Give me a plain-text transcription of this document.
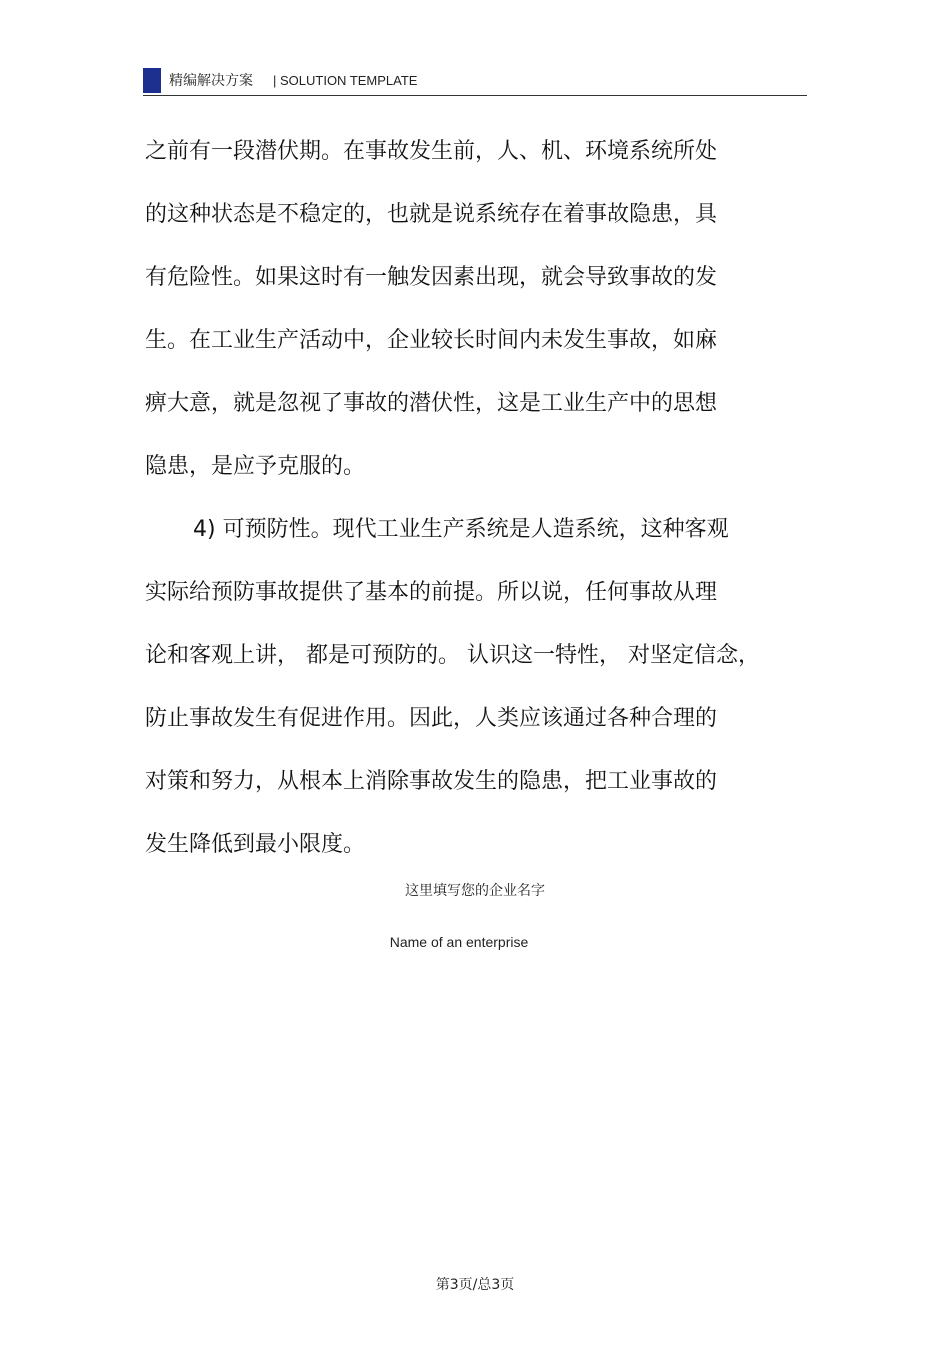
精编解决方案 | SOLUTION TEMPLATE
之前有一段潜伏期。在事故发生前，人、机、环境系统所处
的这种状态是不稳定的，也就是说系统存在着事故隐患，具
有危险性。如果这时有一触发因素出现，就会导致事故的发
生。在工业生产活动中，企业较长时间内未发生事故，如麻
痹大意，就是忽视了事故的潜伏性，这是工业生产中的思想
隐患，是应予克服的。
4) 可预防性。现代工业生产系统是人造系统，这种客观
实际给预防事故提供了基本的前提。所以说，任何事故从理
论和客观上讲， 都是可预防的。 认识这一特性， 对坚定信念，
防止事故发生有促进作用。因此，人类应该通过各种合理的
对策和努力，从根本上消除事故发生的隐患，把工业事故的
发生降低到最小限度。
这里填写您的企业名字
Name of an enterprise
第3页/总3页
